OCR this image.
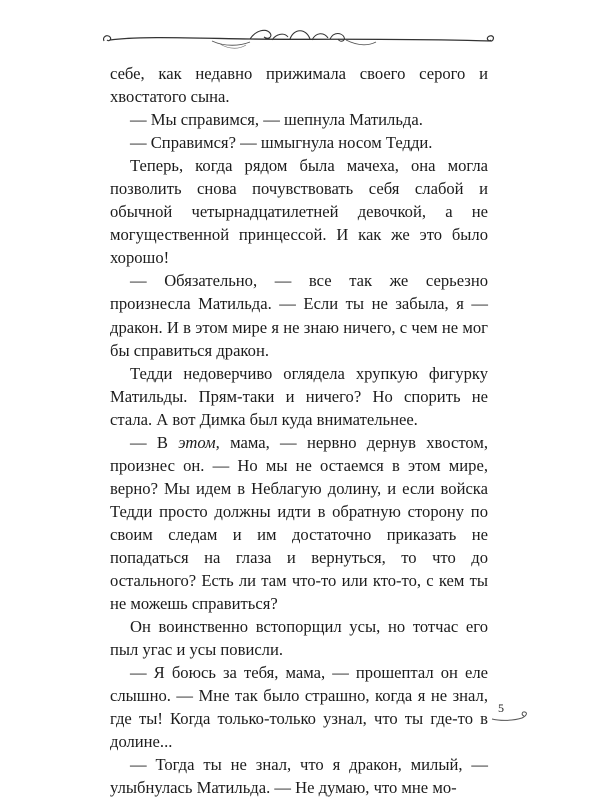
себе, как недавно прижимала своего серого и хвостатого сына.

— Мы справимся, — шепнула Матильда.

— Справимся? — шмыгнула носом Тедди.

Теперь, когда рядом была мачеха, она могла позволить снова почувствовать себя слабой и обычной четырнадцатилетней девочкой, а не могущественной принцессой. И как же это было хорошо!

— Обязательно, — все так же серьезно произнесла Матильда. — Если ты не забыла, я — дракон. И в этом мире я не знаю ничего, с чем не мог бы справиться дракон.

Тедди недоверчиво оглядела хрупкую фигурку Матильды. Прям-таки и ничего? Но спорить не стала. А вот Димка был куда внимательнее.

— В этом, мама, — нервно дернув хвостом, произнес он. — Но мы не остаемся в этом мире, верно? Мы идем в Неблагую долину, и если войска Тедди просто должны идти в обратную сторону по своим следам и им достаточно приказать не попадаться на глаза и вернуться, то что до остального? Есть ли там что-то или кто-то, с кем ты не можешь справиться?

Он воинственно встопорщил усы, но тотчас его пыл угас и усы повисли.

— Я боюсь за тебя, мама, — прошептал он еле слышно. — Мне так было страшно, когда я не знал, где ты! Когда только-только узнал, что ты где-то в долине...

— Тогда ты не знал, что я дракон, милый, — улыбнулась Матильда. — Не думаю, что мне мо-

5
